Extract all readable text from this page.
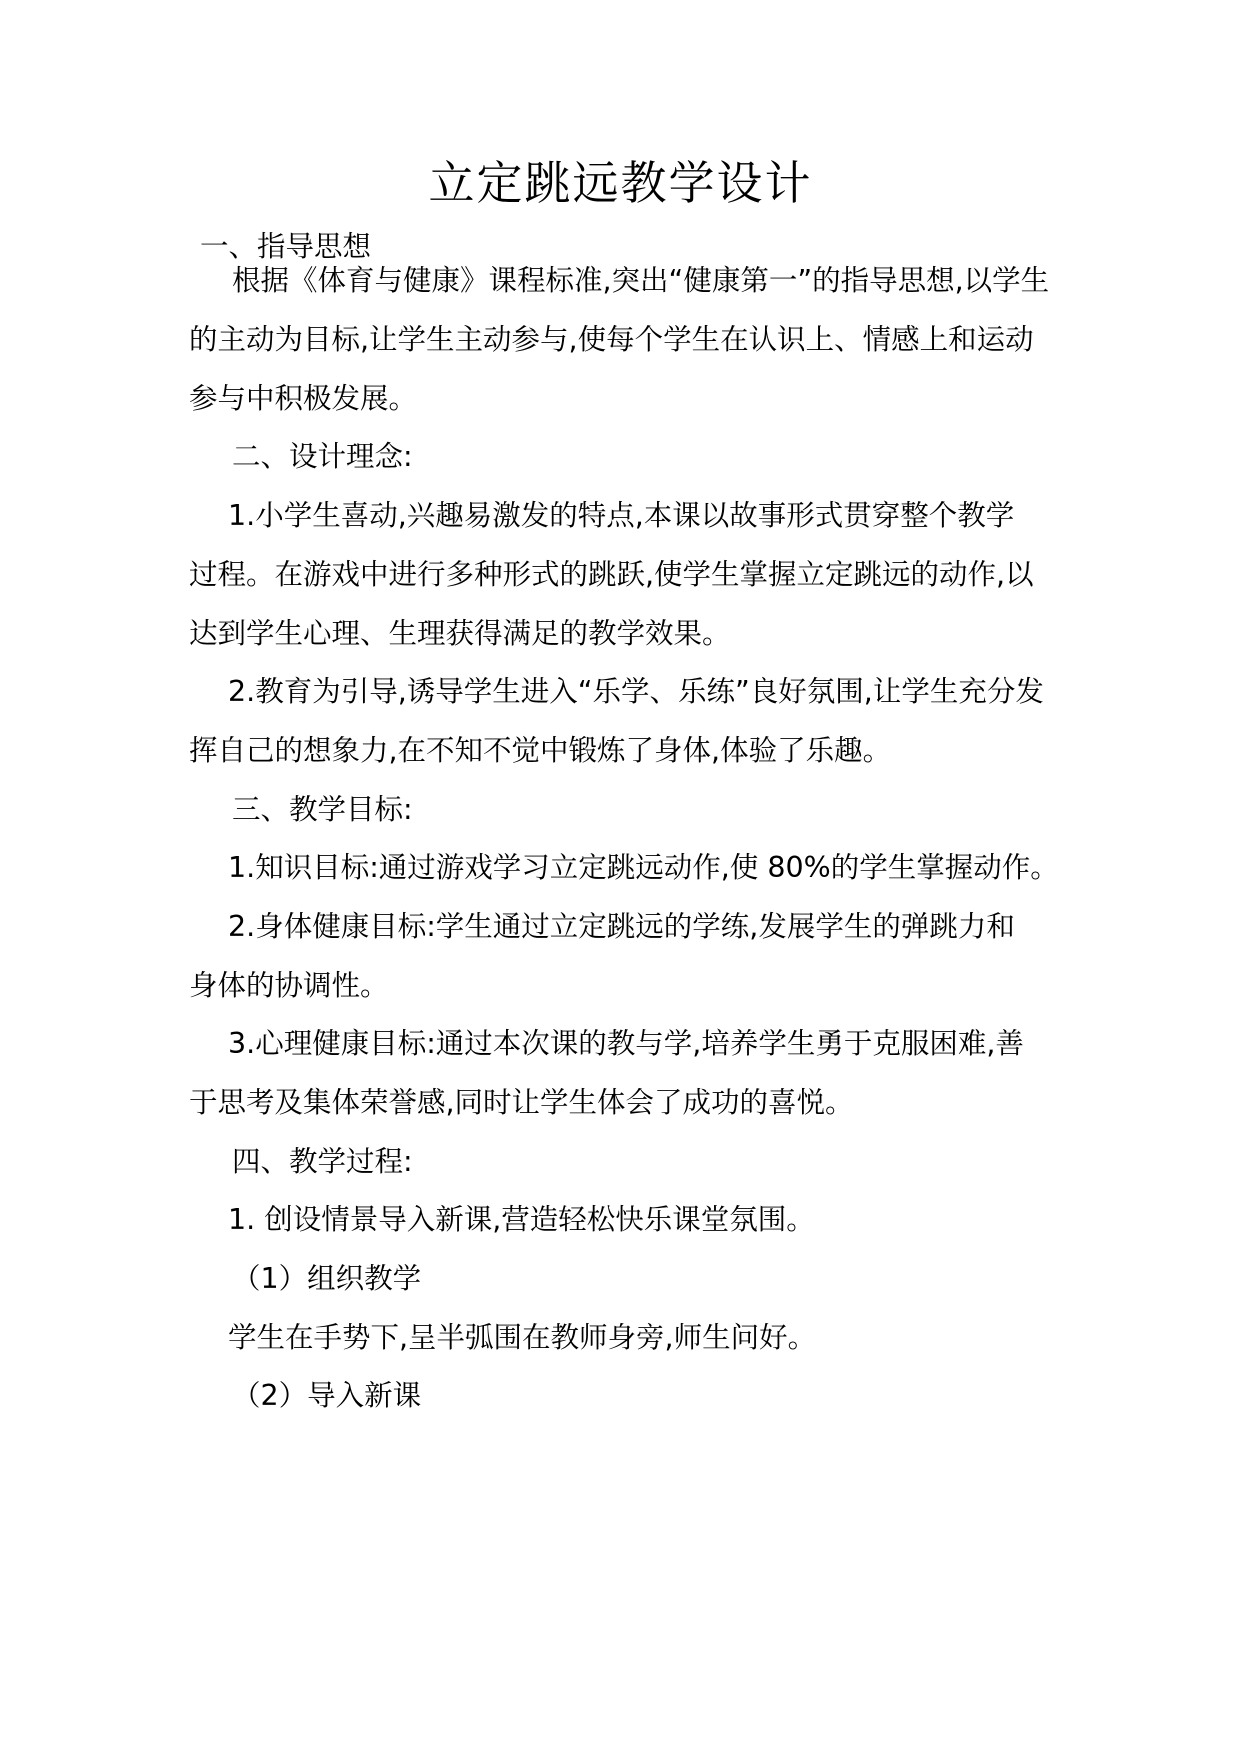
立定跳远教学设计
一、指导思想
根据《体育与健康》课程标准,突出“健康第一”的指导思想,以学生
的主动为目标,让学生主动参与,使每个学生在认识上、情感上和运动
参与中积极发展。
二、设计理念:
1.小学生喜动,兴趣易激发的特点,本课以故事形式贯穿整个教学
过程。在游戏中进行多种形式的跳跃,使学生掌握立定跳远的动作,以
达到学生心理、生理获得满足的教学效果。
2.教育为引导,诱导学生进入“乐学、乐练”良好氛围,让学生充分发
挥自己的想象力,在不知不觉中锻炼了身体,体验了乐趣。
三、教学目标:
1.知识目标:通过游戏学习立定跳远动作,使 80%的学生掌握动作。
2.身体健康目标:学生通过立定跳远的学练,发展学生的弹跳力和
身体的协调性。
3.心理健康目标:通过本次课的教与学,培养学生勇于克服困难,善
于思考及集体荣誉感,同时让学生体会了成功的喜悦。
四、教学过程:
1. 创设情景导入新课,营造轻松快乐课堂氛围。
（1）组织教学
学生在手势下,呈半弧围在教师身旁,师生问好。
（2）导入新课
